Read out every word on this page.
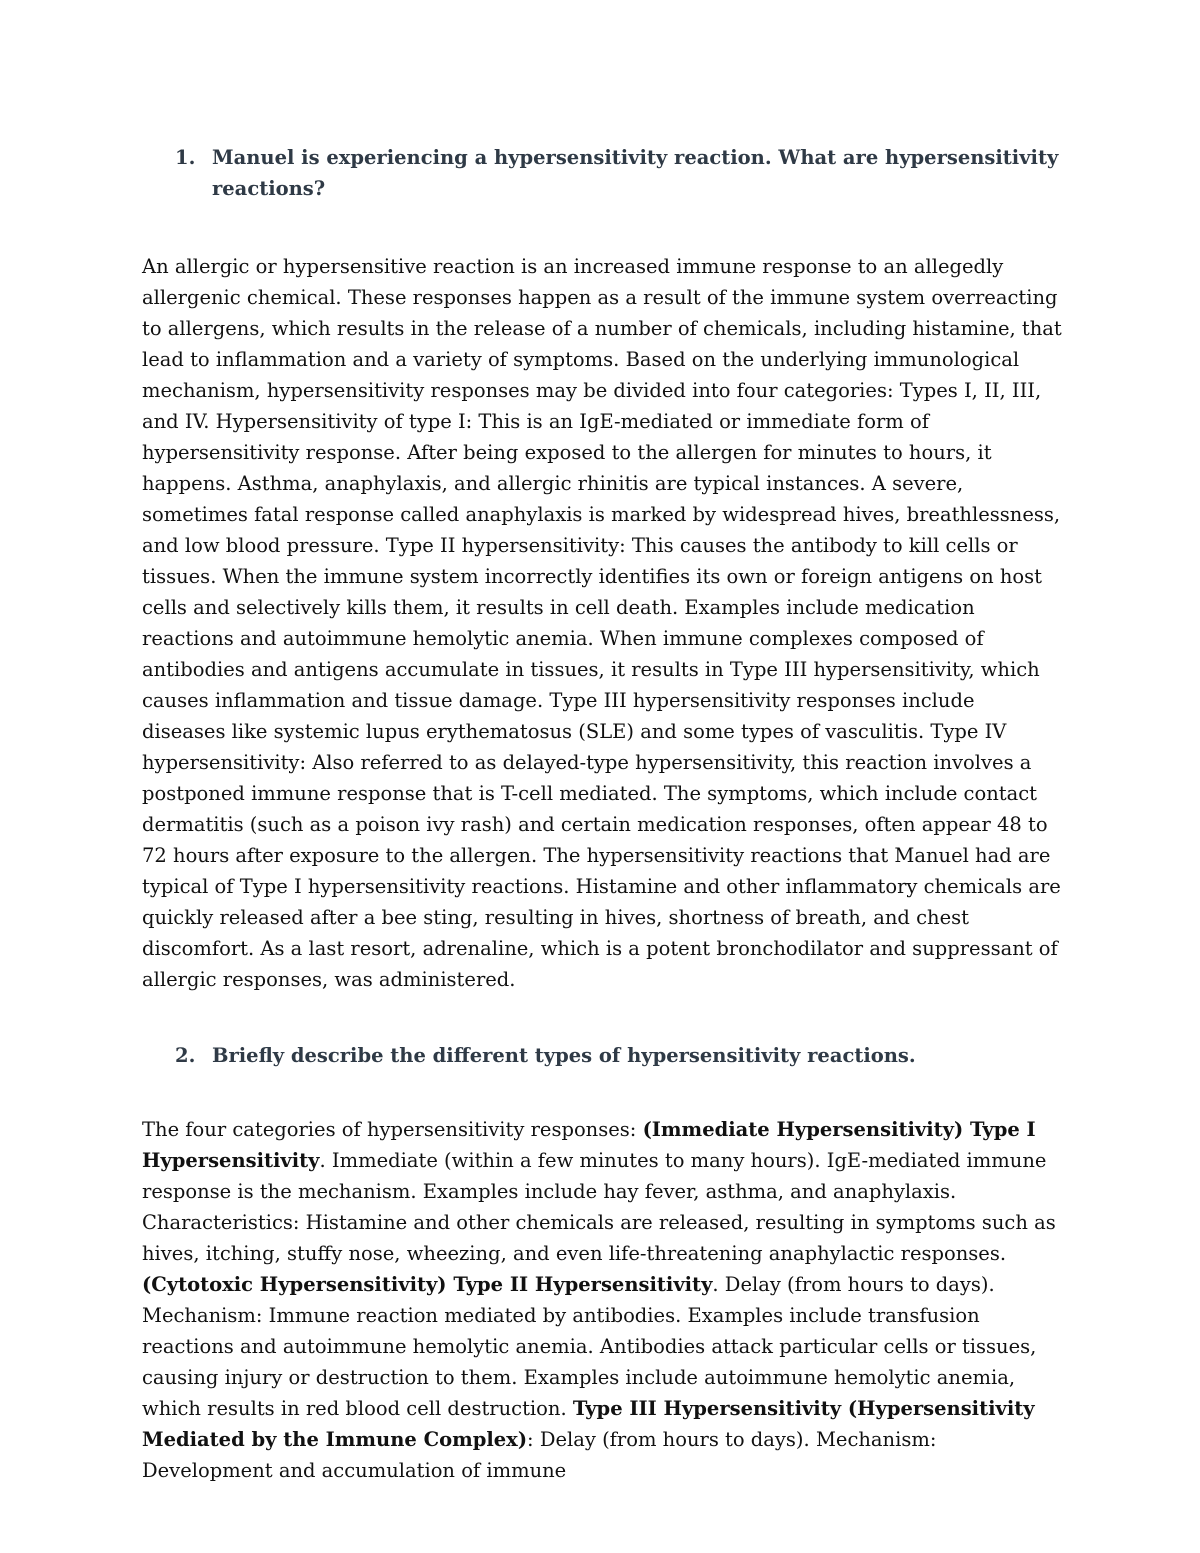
1. Manuel is experiencing a hypersensitivity reaction. What are hypersensitivity reactions?

An allergic or hypersensitive reaction is an increased immune response to an allegedly allergenic chemical. These responses happen as a result of the immune system overreacting to allergens, which results in the release of a number of chemicals, including histamine, that lead to inflammation and a variety of symptoms. Based on the underlying immunological mechanism, hypersensitivity responses may be divided into four categories: Types I, II, III, and IV. Hypersensitivity of type I: This is an IgE-mediated or immediate form of hypersensitivity response. After being exposed to the allergen for minutes to hours, it happens. Asthma, anaphylaxis, and allergic rhinitis are typical instances. A severe, sometimes fatal response called anaphylaxis is marked by widespread hives, breathlessness, and low blood pressure. Type II hypersensitivity: This causes the antibody to kill cells or tissues. When the immune system incorrectly identifies its own or foreign antigens on host cells and selectively kills them, it results in cell death. Examples include medication reactions and autoimmune hemolytic anemia. When immune complexes composed of antibodies and antigens accumulate in tissues, it results in Type III hypersensitivity, which causes inflammation and tissue damage. Type III hypersensitivity responses include diseases like systemic lupus erythematosus (SLE) and some types of vasculitis. Type IV hypersensitivity: Also referred to as delayed-type hypersensitivity, this reaction involves a postponed immune response that is T-cell mediated. The symptoms, which include contact dermatitis (such as a poison ivy rash) and certain medication responses, often appear 48 to 72 hours after exposure to the allergen. The hypersensitivity reactions that Manuel had are typical of Type I hypersensitivity reactions. Histamine and other inflammatory chemicals are quickly released after a bee sting, resulting in hives, shortness of breath, and chest discomfort. As a last resort, adrenaline, which is a potent bronchodilator and suppressant of allergic responses, was administered.

2. Briefly describe the different types of hypersensitivity reactions.

The four categories of hypersensitivity responses: (Immediate Hypersensitivity) Type I Hypersensitivity. Immediate (within a few minutes to many hours). IgE-mediated immune response is the mechanism. Examples include hay fever, asthma, and anaphylaxis. Characteristics: Histamine and other chemicals are released, resulting in symptoms such as hives, itching, stuffy nose, wheezing, and even life-threatening anaphylactic responses. (Cytotoxic Hypersensitivity) Type II Hypersensitivity. Delay (from hours to days). Mechanism: Immune reaction mediated by antibodies. Examples include transfusion reactions and autoimmune hemolytic anemia. Antibodies attack particular cells or tissues, causing injury or destruction to them. Examples include autoimmune hemolytic anemia, which results in red blood cell destruction. Type III Hypersensitivity (Hypersensitivity Mediated by the Immune Complex): Delay (from hours to days). Mechanism: Development and accumulation of immune
